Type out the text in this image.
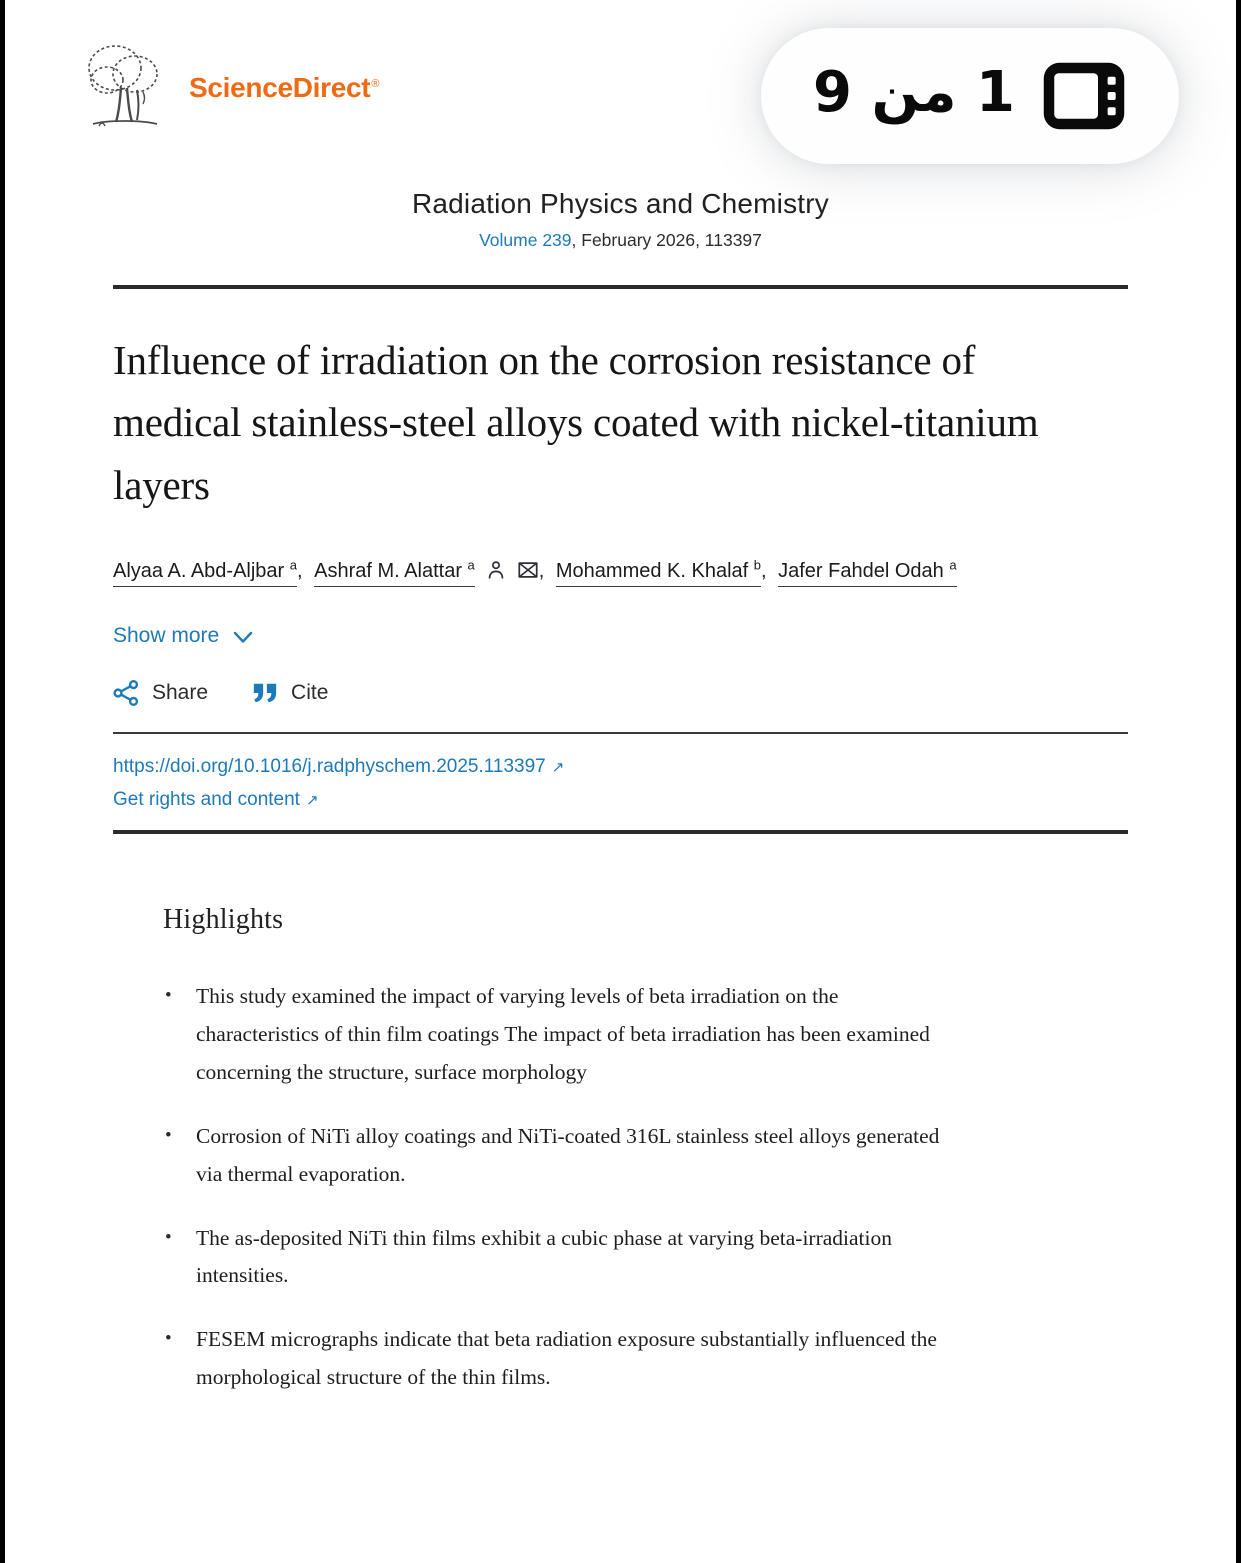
ScienceDirect®	1 من 9
Radiation Physics and Chemistry
Volume 239, February 2026, 113397
Influence of irradiation on the corrosion resistance of medical stainless-steel alloys coated with nickel-titanium layers
Alyaa A. Abd-Aljbar $^a$, Ashraf M. Alattar $^a$	, Mohammed K. Khalaf $^b$, Jafer Fahdel Odah $^a$
Show more
Share	Cite
https://doi.org/10.1016/j.radphyschem.2025.113397 ↗
Get rights and content ↗
Highlights
• This study examined the impact of varying levels of beta irradiation on the characteristics of thin film coatings The impact of beta irradiation has been examined concerning the structure, surface morphology
• Corrosion of NiTi alloy coatings and NiTi-coated 316L stainless steel alloys generated via thermal evaporation.
• The as-deposited NiTi thin films exhibit a cubic phase at varying beta-irradiation intensities.
• FESEM micrographs indicate that beta radiation exposure substantially influenced the morphological structure of the thin films.
